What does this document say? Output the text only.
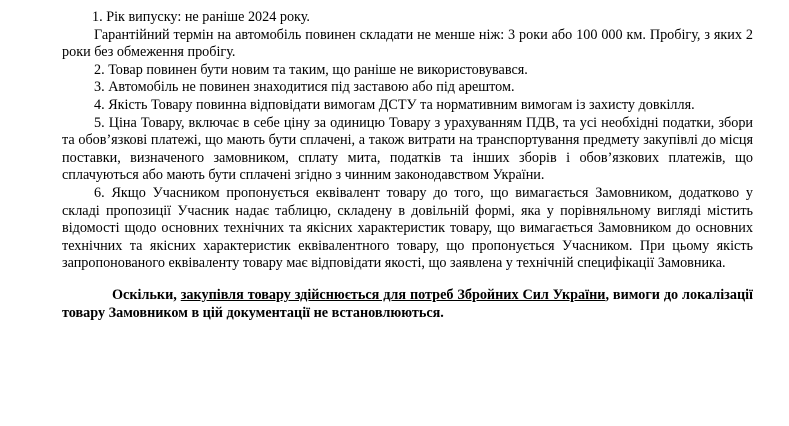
1. Рік випуску: не раніше 2024 року.

Гарантійний термін на автомобіль повинен складати не менше ніж: 3 роки або 100 000 км. Пробігу, з яких 2 роки без обмеження пробігу.

2. Товар повинен бути новим та таким, що раніше не використовувався.

3. Автомобіль не повинен знаходитися під заставою або під арештом.

4. Якість Товару повинна відповідати вимогам ДСТУ та нормативним вимогам із захисту довкілля.

5. Ціна Товару, включає в себе ціну за одиницю Товару з урахуванням ПДВ, та усі необхідні податки, збори та обов’язкові платежі, що мають бути сплачені, а також витрати на транспортування предмету закупівлі до місця поставки, визначеного замовником, сплату мита, податків та інших зборів і обов’язкових платежів, що сплачуються або мають бути сплачені згідно з чинним законодавством України.

6. Якщо Учасником пропонується еквівалент товару до того, що вимагається Замовником, додатково у складі пропозиції Учасник надає таблицю, складену в довільній формі, яка у порівняльному вигляді містить відомості щодо основних технічних та якісних характеристик товару, що вимагається Замовником до основних технічних та якісних характеристик еквівалентного товару, що пропонується Учасником. При цьому якість запропонованого еквіваленту товару має відповідати якості, що заявлена у технічній специфікації Замовника.

Оскільки, закупівля товару здійснюється для потреб Збройних Сил України, вимоги до локалізації товару Замовником в цій документації не встановлюються.
